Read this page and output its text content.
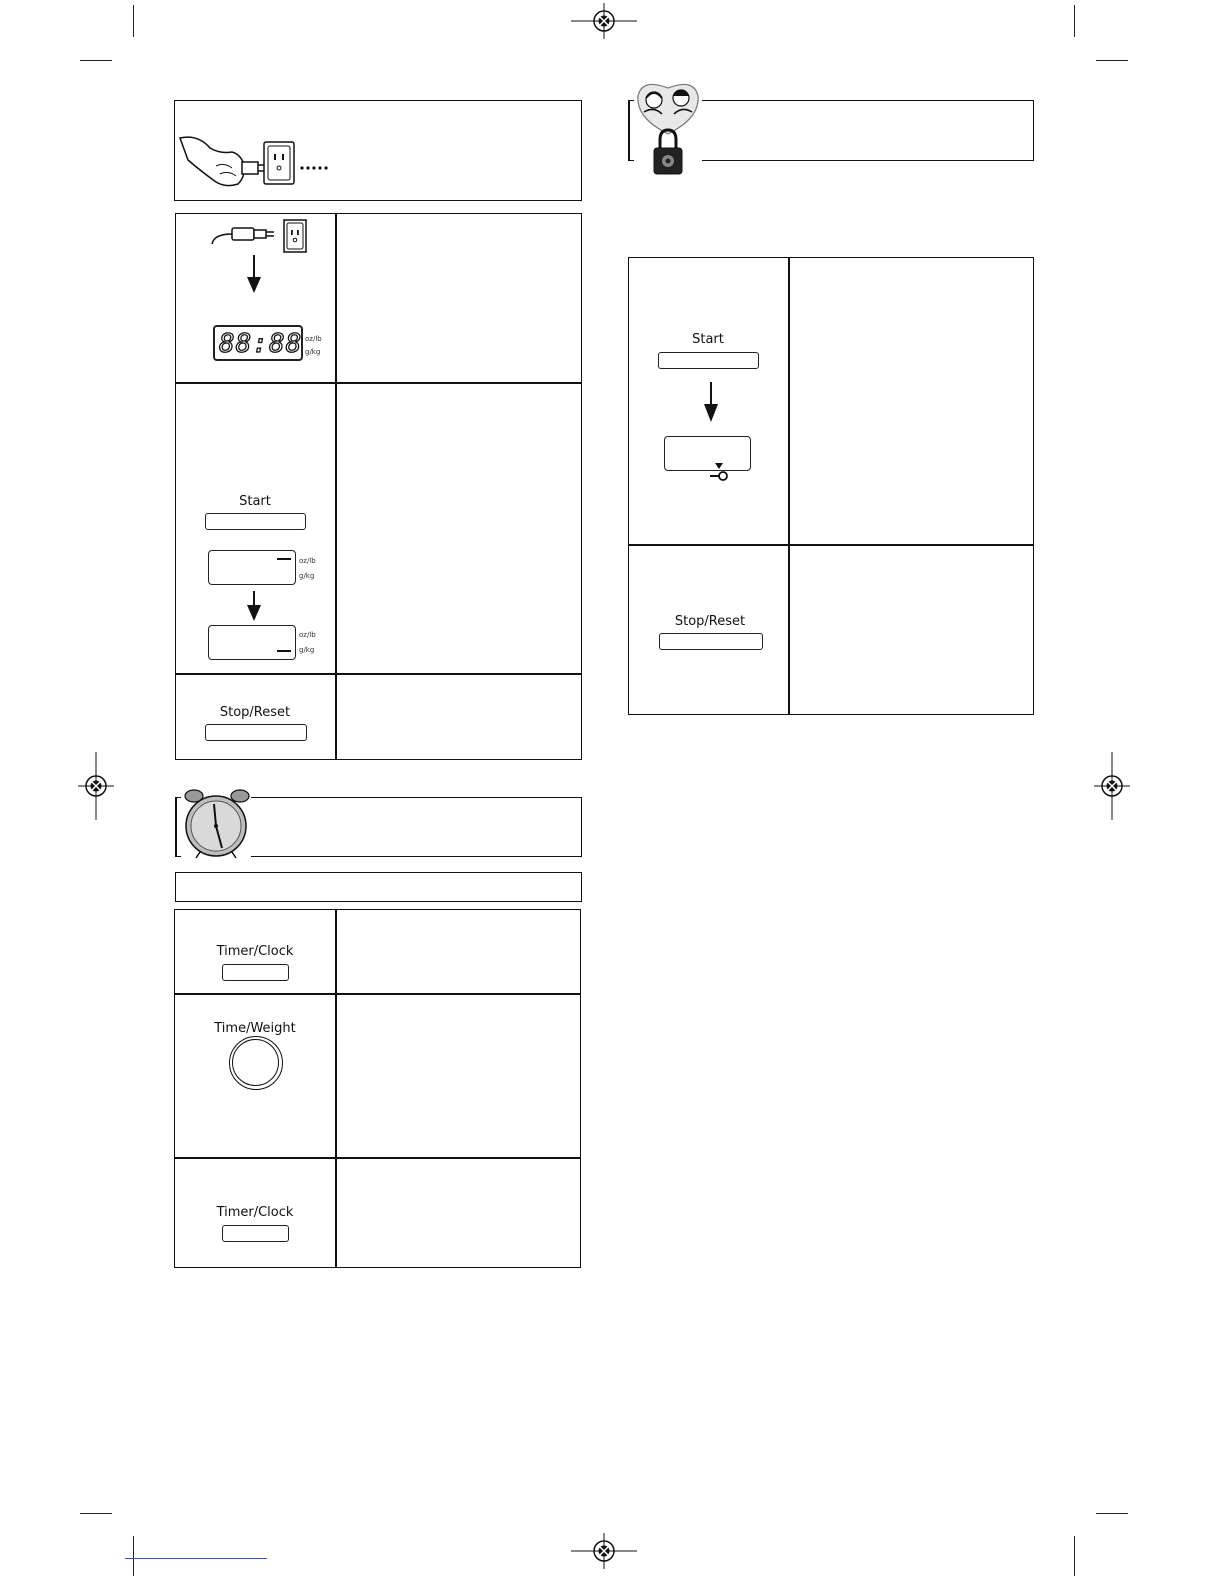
88:88 oz/lb
g/kg
Start
oz/lb
g/kg
oz/lb
g/kg
Stop/Reset
Timer/Clock
Time/Weight
Timer/Clock
Start
Stop/Reset
